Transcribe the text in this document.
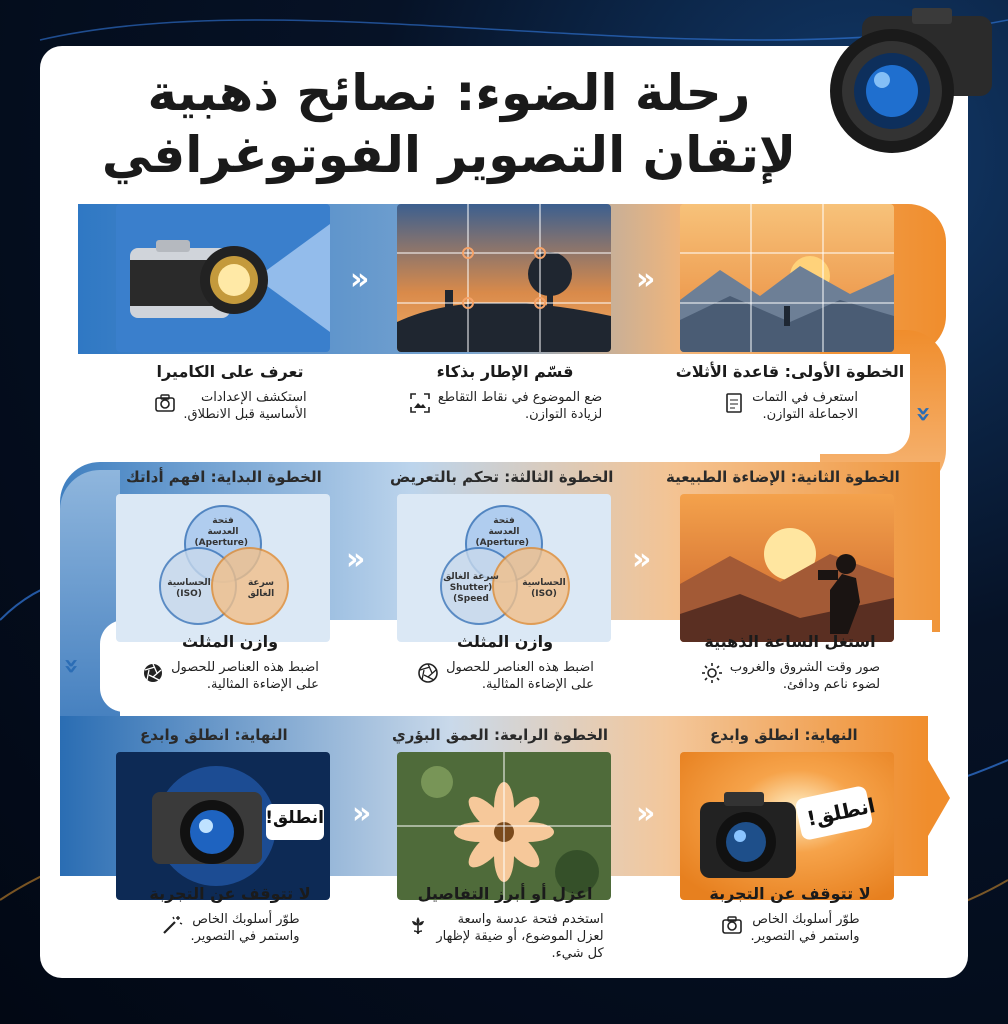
رحلة الضوء: نصائح ذهبية
لإتقان التصوير الفوتوغرافي
«
«
«
الخطوة الأولى: قاعدة الأثلاث
استعرف في التمات
الاجماعلة التوازن.
قسّم الإطار بذكاء
ضع الموضوع في نقاط التقاطع
لزيادة التوازن.
تعرف على الكاميرا
استكشف الإعدادات
الأساسية قبل الانطلاق.
الخطوة الثانية: الإضاءة الطبيعية
الخطوة الثالثة: تحكم بالتعريض
الخطوة البداية: افهم أداتك
فتحة العدسة
(Aperture)
سرعة الغالق
(Shutter Speed)
الحساسية
(ISO)
فتحة العدسة
(Aperture)
الحساسية
(ISO)
سرعة
الغالق
«
«
«
استغل الساعة الذهبية
صور وقت الشروق والغروب
لضوء ناعم ودافئ.
وازن المثلث
اضبط هذه العناصر للحصول
على الإضاءة المثالية.
وازن المثلث
اضبط هذه العناصر للحصول
على الإضاءة المثالية.
النهاية: انطلق وابدع
الخطوة الرابعة: العمق البؤري
النهاية: انطلق وابدع
انطلق!
انطلق!	«
«
لا تتوقف عن التجربة
طوّر أسلوبك الخاص
واستمر في التصوير.
اعزل أو أبرز التفاصيل
استخدم فتحة عدسة واسعة
لعزل الموضوع، أو ضيقة لإظهار
كل شيء.
لا تتوقف عن التجربة
طوّر أسلوبك الخاص
واستمر في التصوير.
